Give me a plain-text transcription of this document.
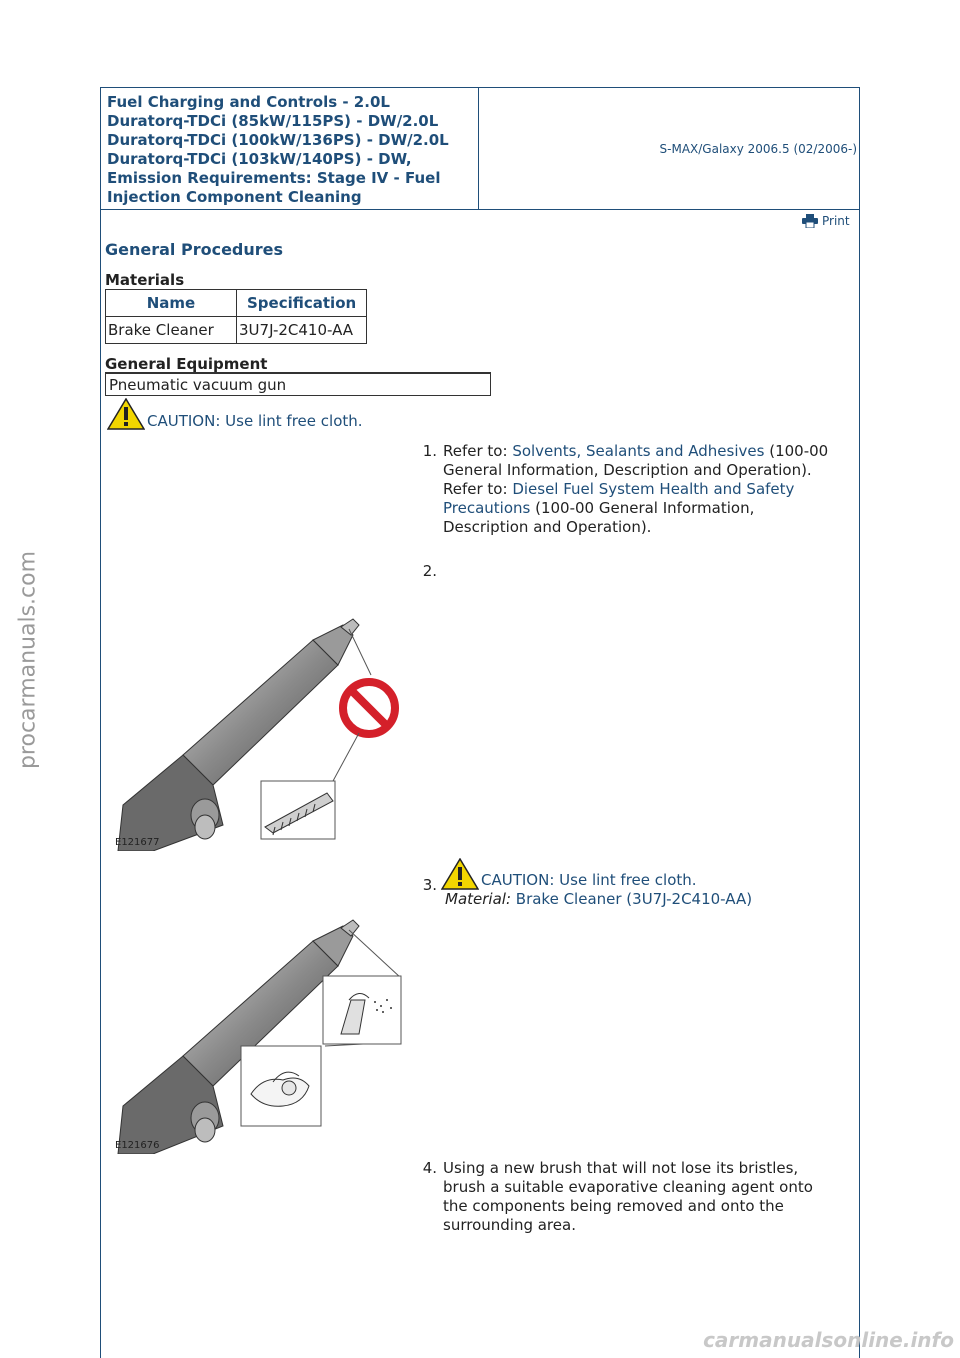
procarmanuals.com
Fuel Charging and Controls - 2.0L Duratorq-TDCi (85kW/115PS) - DW/2.0L Duratorq-TDCi (100kW/136PS) - DW/2.0L Duratorq-TDCi (103kW/140PS) - DW, Emission Requirements: Stage IV - Fuel Injection Component Cleaning
S-MAX/Galaxy 2006.5 (02/2006-)
Print
General Procedures
Materials
Name	Specification
Brake Cleaner	3U7J-2C410-AA
General Equipment
Pneumatic vacuum gun
CAUTION: Use lint free cloth.
1. Refer to: Solvents, Sealants and Adhesives (100-00 General Information, Description and Operation).
Refer to: Diesel Fuel System Health and Safety Precautions (100-00 General Information, Description and Operation).
2.
E121677
3.	CAUTION: Use lint free cloth.
Material: Brake Cleaner (3U7J-2C410-AA)
E121676
4. Using a new brush that will not lose its bristles, brush a suitable evaporative cleaning agent onto the components being removed and onto the surrounding area.
carmanualsonline.info
